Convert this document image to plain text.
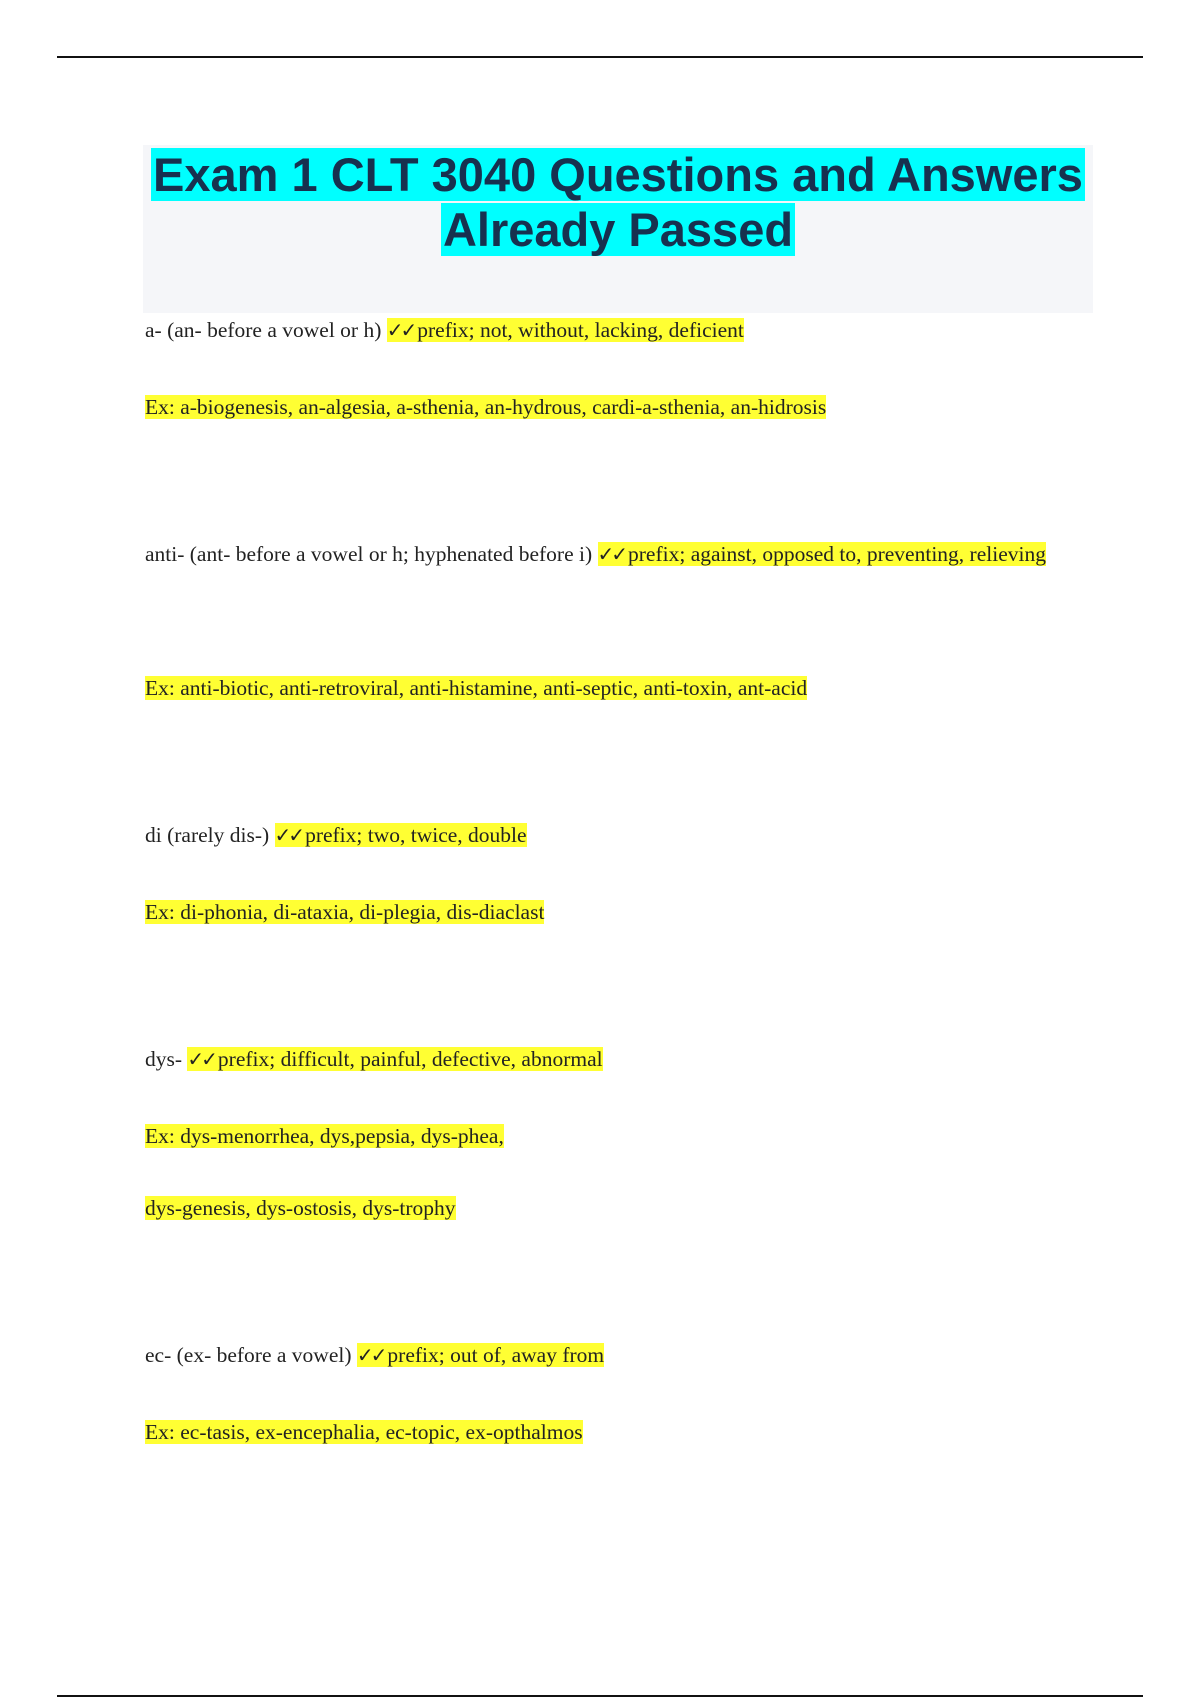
Exam 1 CLT 3040 Questions and Answers Already Passed
a- (an- before a vowel or h) ✓✓ prefix; not, without, lacking, deficient
Ex: a-biogenesis, an-algesia, a-sthenia, an-hydrous, cardi-a-sthenia, an-hidrosis
anti- (ant- before a vowel or h; hyphenated before i) ✓✓ prefix; against, opposed to, preventing, relieving
Ex: anti-biotic, anti-retroviral, anti-histamine, anti-septic, anti-toxin, ant-acid
di (rarely dis-) ✓✓ prefix; two, twice, double
Ex: di-phonia, di-ataxia, di-plegia, dis-diaclast
dys- ✓✓ prefix; difficult, painful, defective, abnormal
Ex: dys-menorrhea, dys,pepsia, dys-phea,
dys-genesis, dys-ostosis, dys-trophy
ec- (ex- before a vowel) ✓✓ prefix; out of, away from
Ex: ec-tasis, ex-encephalia, ec-topic, ex-opthalmos
